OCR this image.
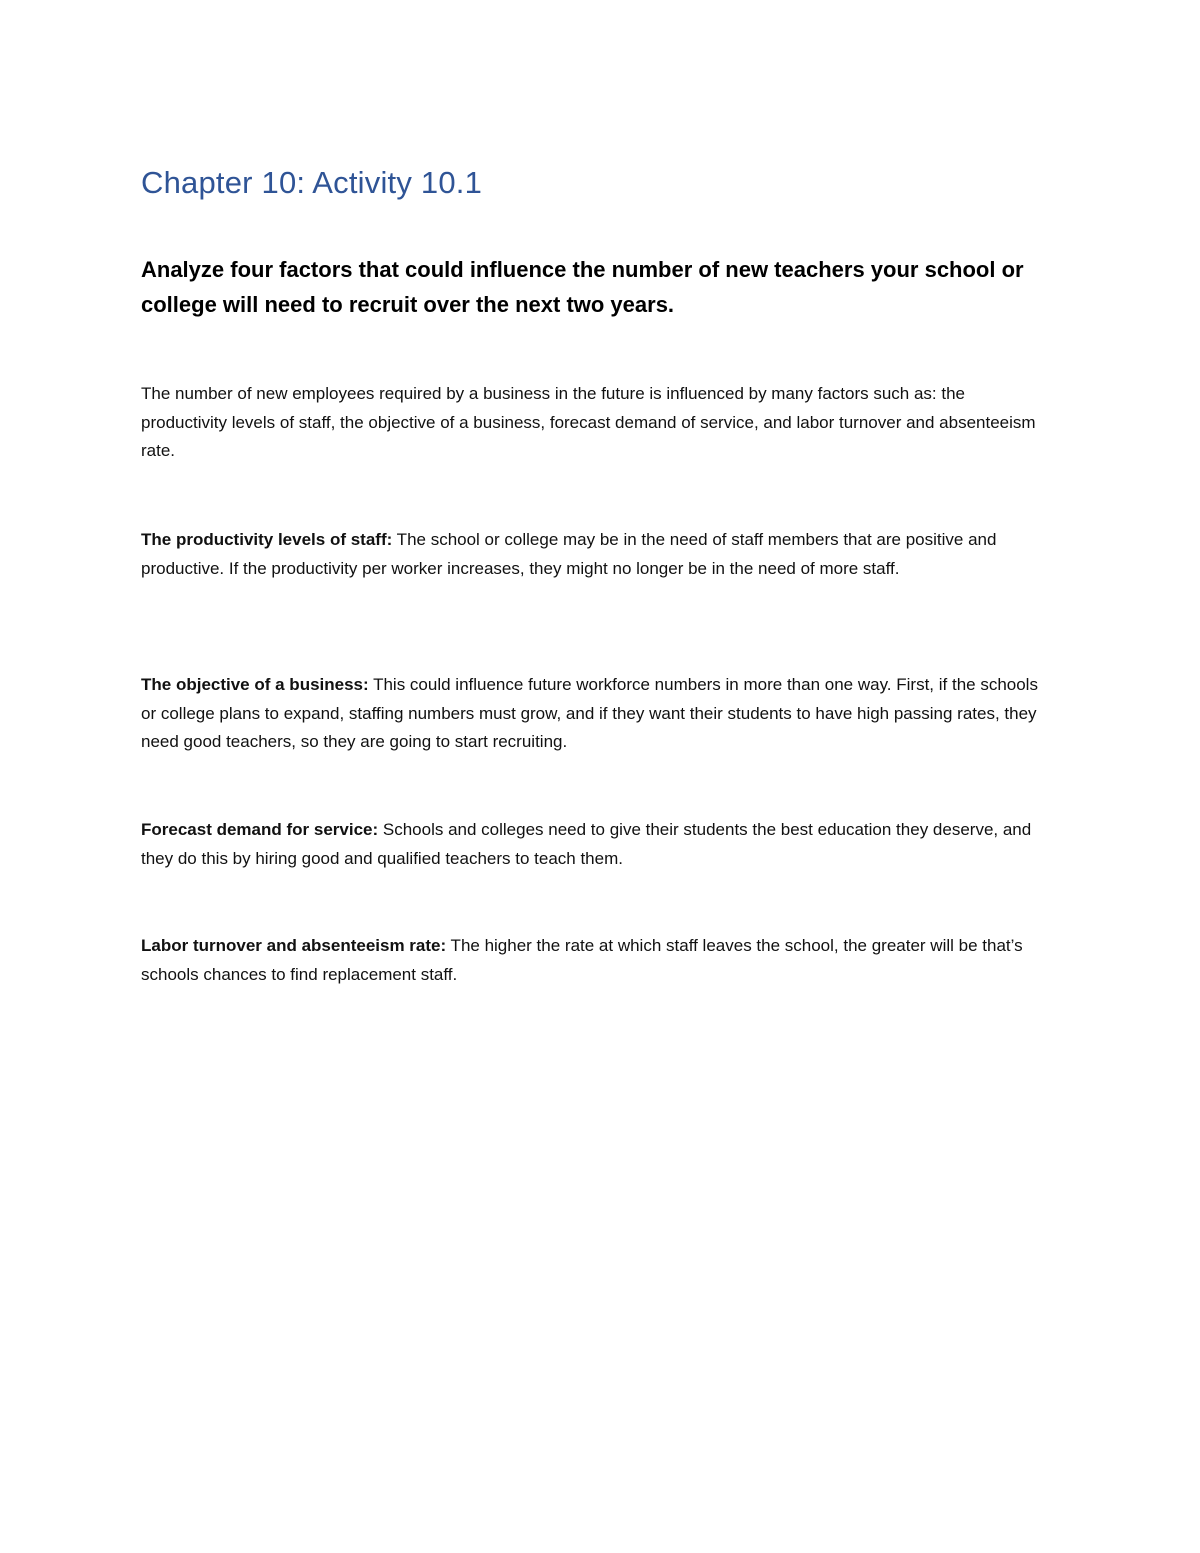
Chapter 10: Activity 10.1

Analyze four factors that could influence the number of new teachers your school or college will need to recruit over the next two years.

The number of new employees required by a business in the future is influenced by many factors such as: the productivity levels of staff, the objective of a business, forecast demand of service, and labor turnover and absenteeism rate.

The productivity levels of staff: The school or college may be in the need of staff members that are positive and productive. If the productivity per worker increases, they might no longer be in the need of more staff.

The objective of a business: This could influence future workforce numbers in more than one way. First, if the schools or college plans to expand, staffing numbers must grow, and if they want their students to have high passing rates, they need good teachers, so they are going to start recruiting.

Forecast demand for service: Schools and colleges need to give their students the best education they deserve, and they do this by hiring good and qualified teachers to teach them.

Labor turnover and absenteeism rate: The higher the rate at which staff leaves the school, the greater will be that’s schools chances to find replacement staff.
